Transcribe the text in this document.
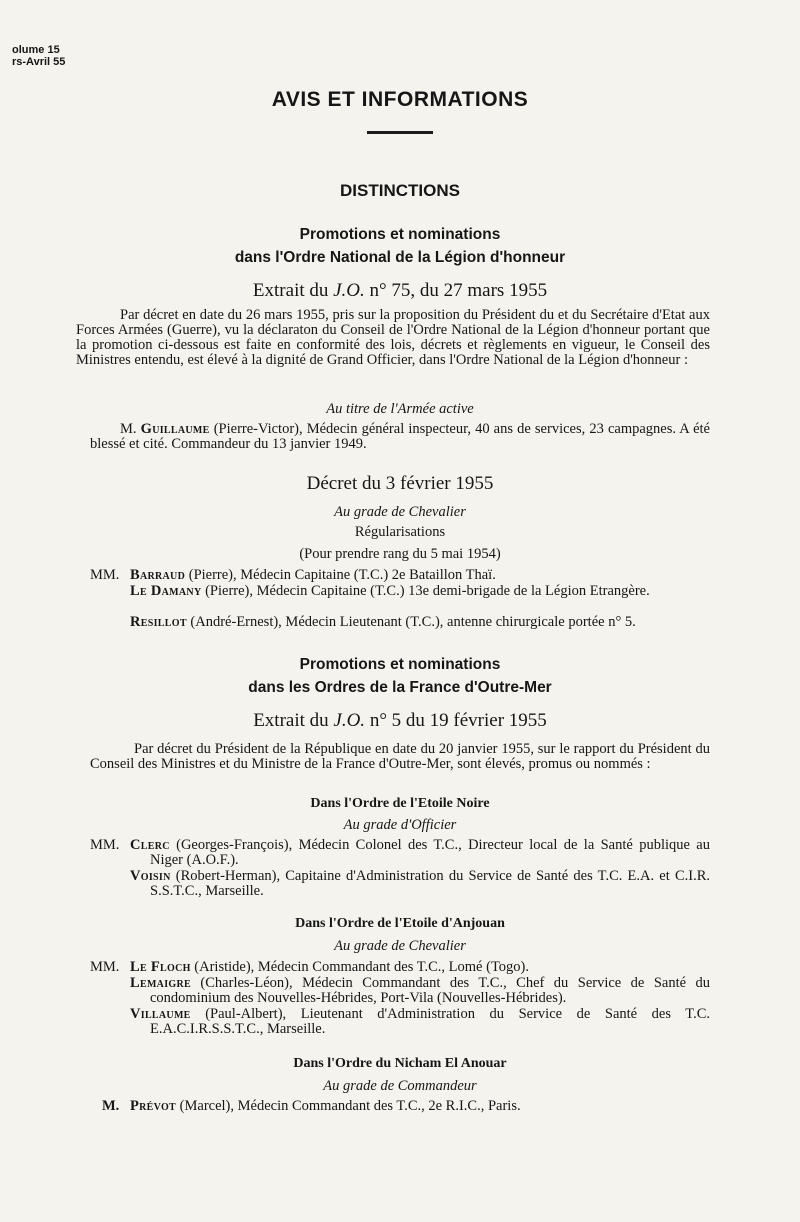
olume 15
rs-Avril 55
AVIS ET INFORMATIONS
DISTINCTIONS
Promotions et nominations
dans l'Ordre National de la Légion d'honneur
Extrait du J.O. n° 75, du 27 mars 1955
Par décret en date du 26 mars 1955, pris sur la proposition du Président du et du Secrétaire d'Etat aux Forces Armées (Guerre), vu la déclaraton du Conseil de l'Ordre National de la Légion d'honneur portant que la promotion ci-dessous est faite en conformité des lois, décrets et règlements en vigueur, le Conseil des Ministres entendu, est élevé à la dignité de Grand Officier, dans l'Ordre National de la Légion d'honneur :
Au titre de l'Armée active
M. Guillaume (Pierre-Victor), Médecin général inspecteur, 40 ans de services, 23 campagnes. A été blessé et cité. Commandeur du 13 janvier 1949.
Décret du 3 février 1955
Au grade de Chevalier
Régularisations
(Pour prendre rang du 5 mai 1954)
MM.Barraud (Pierre), Médecin Capitaine (T.C.) 2e Bataillon Thaï.
Le Damany (Pierre), Médecin Capitaine (T.C.) 13e demi-brigade de la Légion Etrangère.
Resillot (André-Ernest), Médecin Lieutenant (T.C.), antenne chirurgicale portée n° 5.
Promotions et nominations
dans les Ordres de la France d'Outre-Mer
Extrait du J.O. n° 5 du 19 février 1955
Par décret du Président de la République en date du 20 janvier 1955, sur le rapport du Président du Conseil des Ministres et du Ministre de la France d'Outre-Mer, sont élevés, promus ou nommés :
Dans l'Ordre de l'Etoile Noire
Au grade d'Officier
MM.Clerc (Georges-François), Médecin Colonel des T.C., Directeur local de la Santé publique au Niger (A.O.F.).
Voisin (Robert-Herman), Capitaine d'Administration du Service de Santé des T.C. E.A. et C.I.R. S.S.T.C., Marseille.
Dans l'Ordre de l'Etoile d'Anjouan
Au grade de Chevalier
MM.Le Floch (Aristide), Médecin Commandant des T.C., Lomé (Togo).
Lemaigre (Charles-Léon), Médecin Commandant des T.C., Chef du Service de Santé du condominium des Nouvelles-Hébrides, Port-Vila (Nouvelles-Hébrides).
Villaume (Paul-Albert), Lieutenant d'Administration du Service de Santé des T.C. E.A.C.I.R.S.S.T.C., Marseille.
Dans l'Ordre du Nicham El Anouar
Au grade de Commandeur
M.Prévot (Marcel), Médecin Commandant des T.C., 2e R.I.C., Paris.
